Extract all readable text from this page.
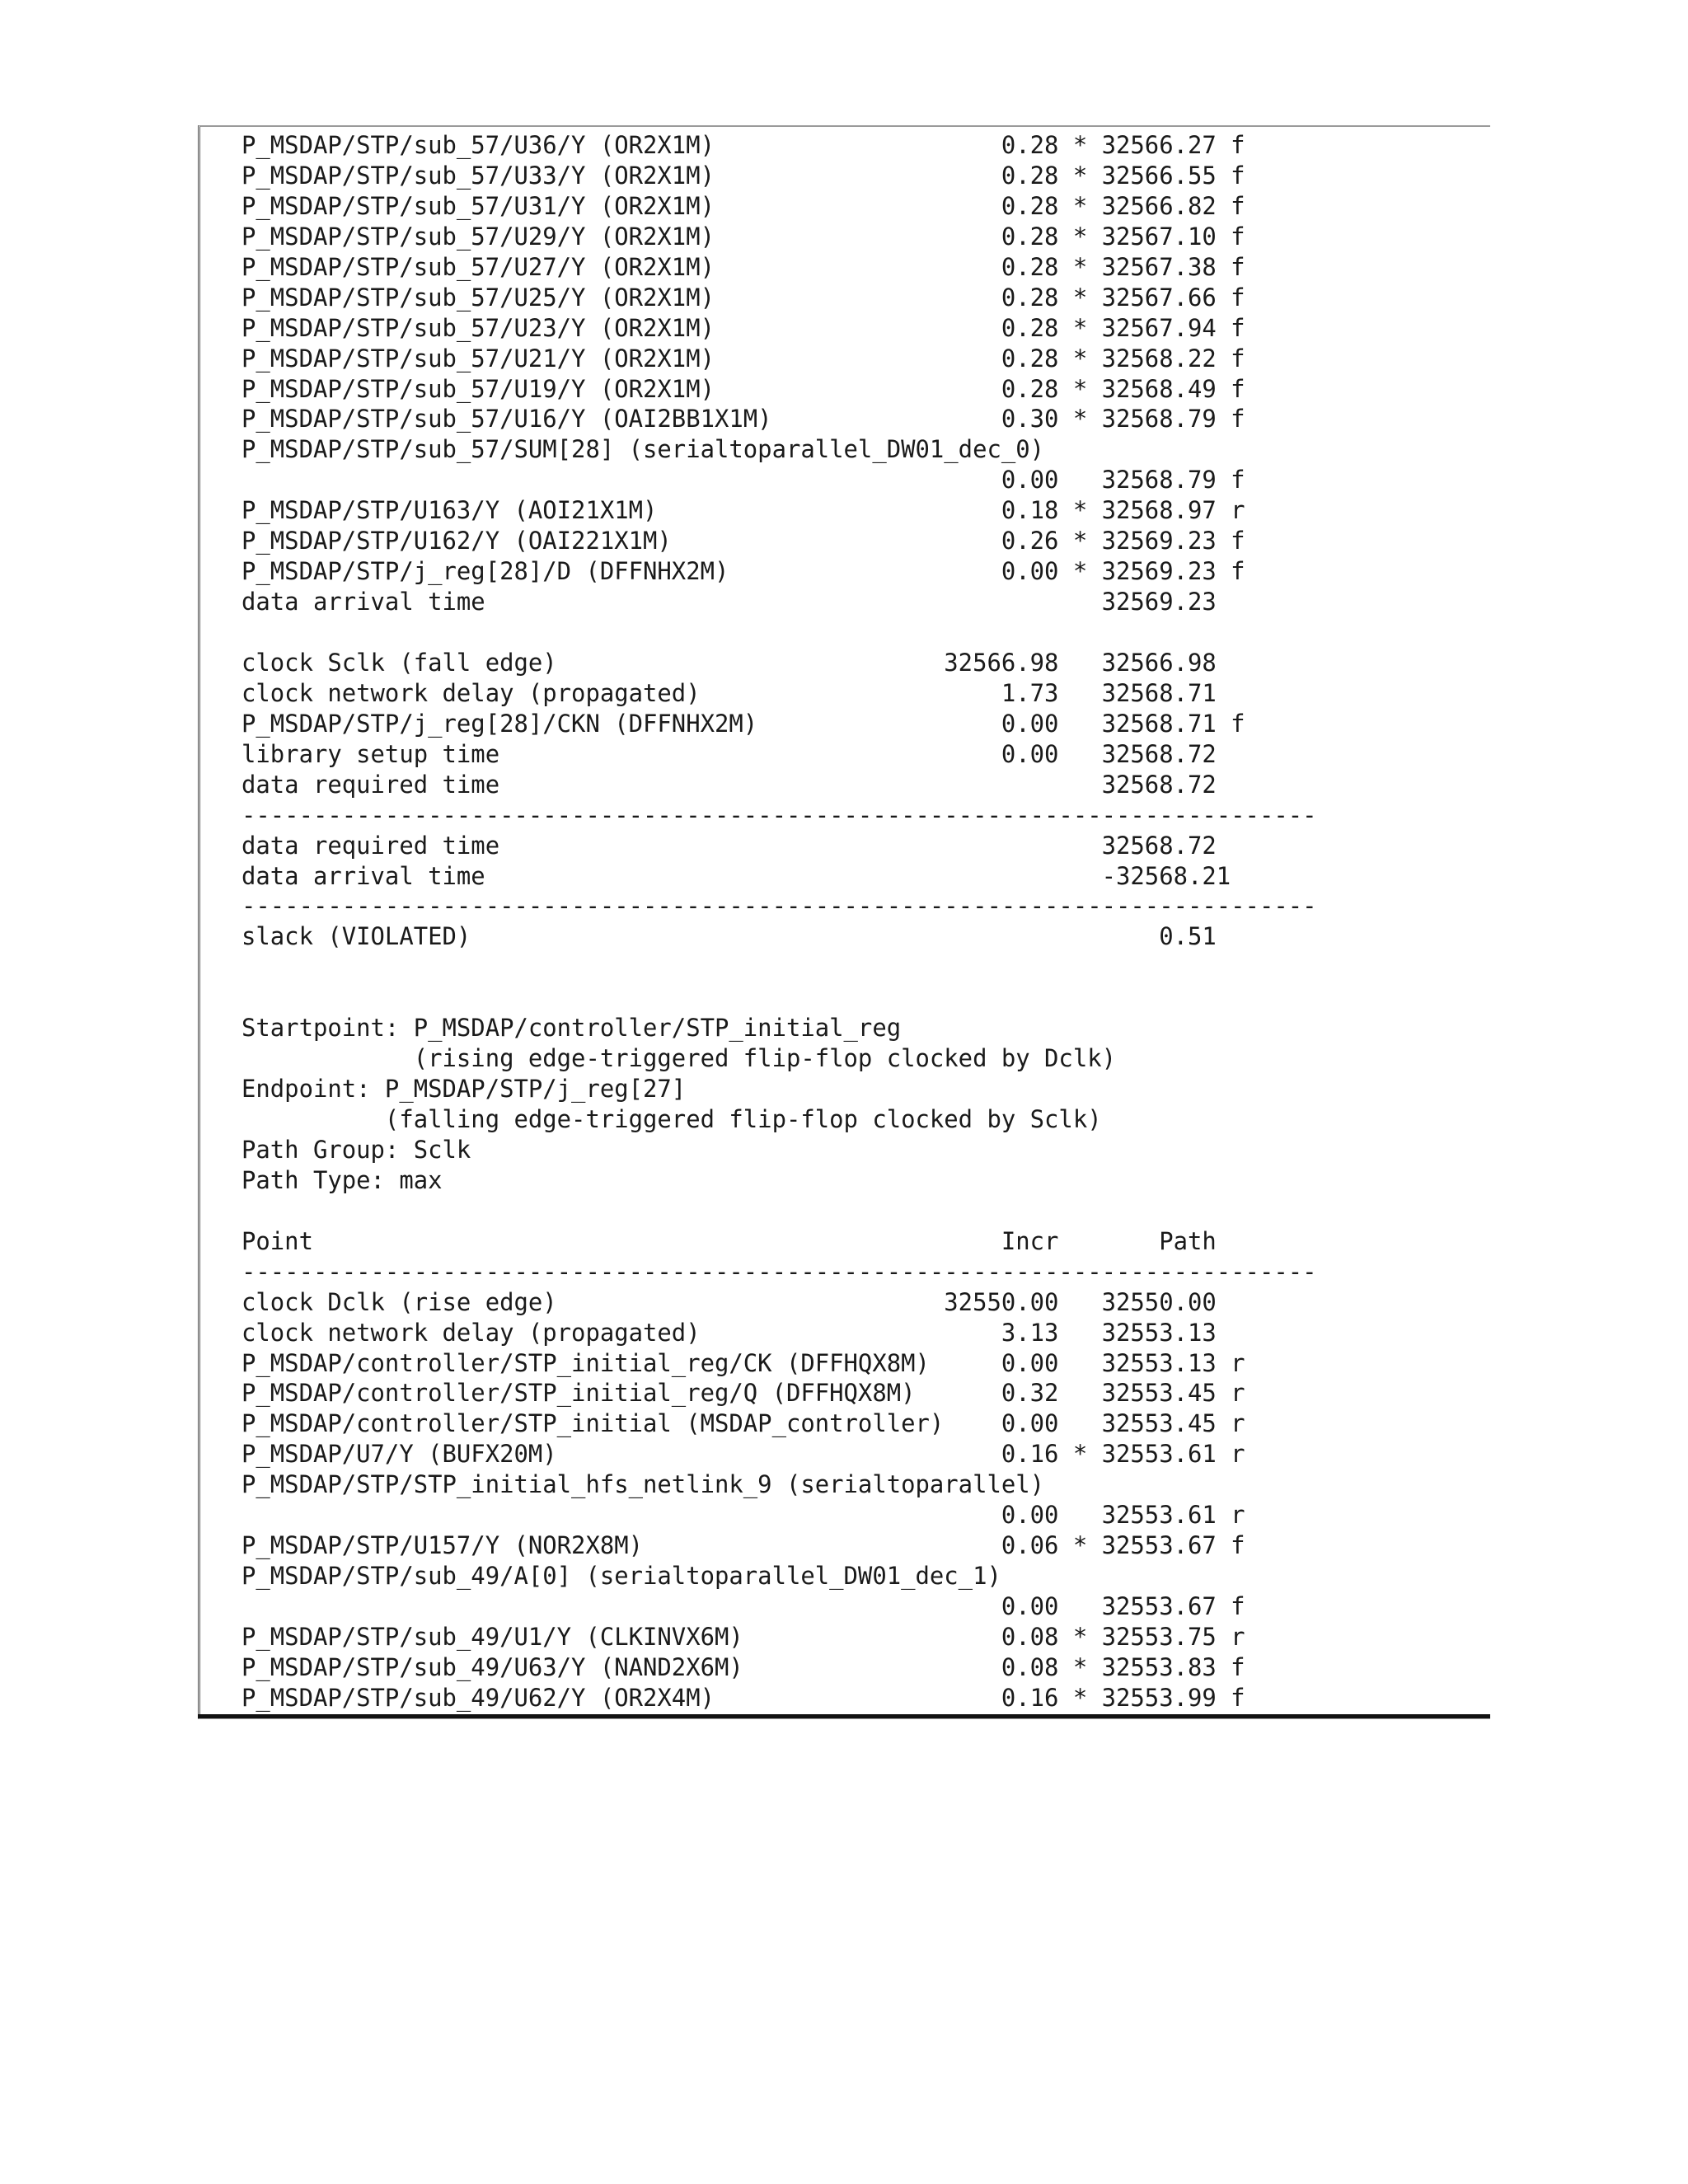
P_MSDAP/STP/sub_57/U36/Y (OR2X1M)                    0.28 * 32566.27 f
P_MSDAP/STP/sub_57/U33/Y (OR2X1M)                    0.28 * 32566.55 f
P_MSDAP/STP/sub_57/U31/Y (OR2X1M)                    0.28 * 32566.82 f
P_MSDAP/STP/sub_57/U29/Y (OR2X1M)                    0.28 * 32567.10 f
P_MSDAP/STP/sub_57/U27/Y (OR2X1M)                    0.28 * 32567.38 f
P_MSDAP/STP/sub_57/U25/Y (OR2X1M)                    0.28 * 32567.66 f
P_MSDAP/STP/sub_57/U23/Y (OR2X1M)                    0.28 * 32567.94 f
P_MSDAP/STP/sub_57/U21/Y (OR2X1M)                    0.28 * 32568.22 f
P_MSDAP/STP/sub_57/U19/Y (OR2X1M)                    0.28 * 32568.49 f
P_MSDAP/STP/sub_57/U16/Y (OAI2BB1X1M)                0.30 * 32568.79 f
P_MSDAP/STP/sub_57/SUM[28] (serialtoparallel_DW01_dec_0)
0.00   32568.79 f
P_MSDAP/STP/U163/Y (AOI21X1M)                        0.18 * 32568.97 r
P_MSDAP/STP/U162/Y (OAI221X1M)                       0.26 * 32569.23 f
P_MSDAP/STP/j_reg[28]/D (DFFNHX2M)                   0.00 * 32569.23 f
data arrival time                                           32569.23
clock Sclk (fall edge)                           32566.98   32566.98
clock network delay (propagated)                     1.73   32568.71
P_MSDAP/STP/j_reg[28]/CKN (DFFNHX2M)                 0.00   32568.71 f
library setup time                                   0.00   32568.72
data required time                                          32568.72
---------------------------------------------------------------------------
data required time                                          32568.72
data arrival time                                           -32568.21
---------------------------------------------------------------------------
slack (VIOLATED)                                                0.51
Startpoint: P_MSDAP/controller/STP_initial_reg
(rising edge-triggered flip-flop clocked by Dclk)
Endpoint: P_MSDAP/STP/j_reg[27]
(falling edge-triggered flip-flop clocked by Sclk)
Path Group: Sclk
Path Type: max
Point                                                Incr       Path
---------------------------------------------------------------------------
clock Dclk (rise edge)                           32550.00   32550.00
clock network delay (propagated)                     3.13   32553.13
P_MSDAP/controller/STP_initial_reg/CK (DFFHQX8M)     0.00   32553.13 r
P_MSDAP/controller/STP_initial_reg/Q (DFFHQX8M)      0.32   32553.45 r
P_MSDAP/controller/STP_initial (MSDAP_controller)    0.00   32553.45 r
P_MSDAP/U7/Y (BUFX20M)                               0.16 * 32553.61 r
P_MSDAP/STP/STP_initial_hfs_netlink_9 (serialtoparallel)
0.00   32553.61 r
P_MSDAP/STP/U157/Y (NOR2X8M)                         0.06 * 32553.67 f
P_MSDAP/STP/sub_49/A[0] (serialtoparallel_DW01_dec_1)
0.00   32553.67 f
P_MSDAP/STP/sub_49/U1/Y (CLKINVX6M)                  0.08 * 32553.75 r
P_MSDAP/STP/sub_49/U63/Y (NAND2X6M)                  0.08 * 32553.83 f
P_MSDAP/STP/sub_49/U62/Y (OR2X4M)                    0.16 * 32553.99 f
